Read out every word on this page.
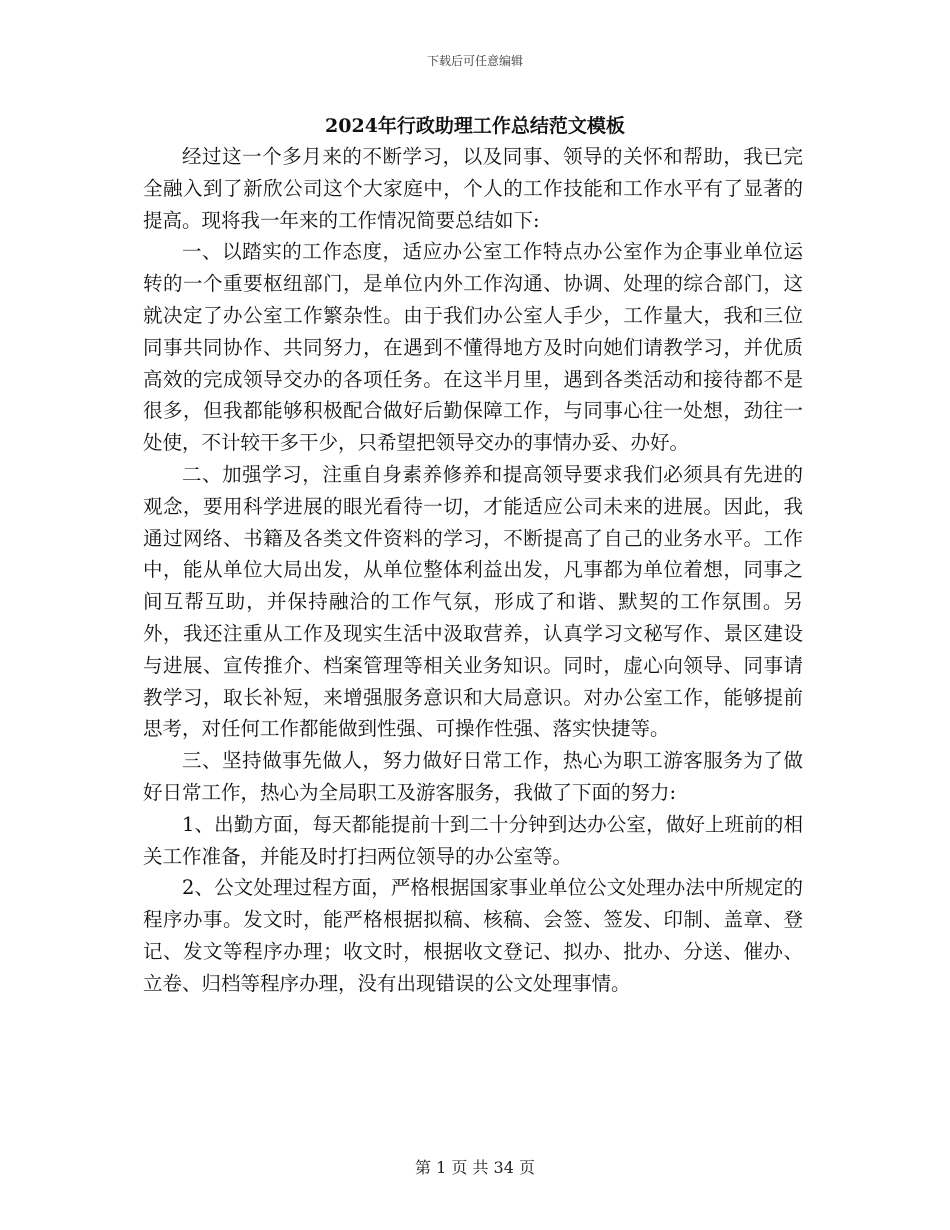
下载后可任意编辑
2024年行政助理工作总结范文模板

经过这一个多月来的不断学习，以及同事、领导的关怀和帮助，我已完全融入到了新欣公司这个大家庭中，个人的工作技能和工作水平有了显著的提高。现将我一年来的工作情况简要总结如下:

一、以踏实的工作态度，适应办公室工作特点办公室作为企事业单位运转的一个重要枢纽部门，是单位内外工作沟通、协调、处理的综合部门，这就决定了办公室工作繁杂性。由于我们办公室人手少，工作量大，我和三位同事共同协作、共同努力，在遇到不懂得地方及时向她们请教学习，并优质高效的完成领导交办的各项任务。在这半月里，遇到各类活动和接待都不是很多，但我都能够积极配合做好后勤保障工作，与同事心往一处想，劲往一处使，不计较干多干少，只希望把领导交办的事情办妥、办好。

二、加强学习，注重自身素养修养和提高领导要求我们必须具有先进的观念，要用科学进展的眼光看待一切，才能适应公司未来的进展。因此，我通过网络、书籍及各类文件资料的学习，不断提高了自己的业务水平。工作中，能从单位大局出发，从单位整体利益出发，凡事都为单位着想，同事之间互帮互助，并保持融洽的工作气氛，形成了和谐、默契的工作氛围。另外，我还注重从工作及现实生活中汲取营养，认真学习文秘写作、景区建设与进展、宣传推介、档案管理等相关业务知识。同时，虚心向领导、同事请教学习，取长补短，来增强服务意识和大局意识。对办公室工作，能够提前思考，对任何工作都能做到性强、可操作性强、落实快捷等。

三、坚持做事先做人，努力做好日常工作，热心为职工游客服务为了做好日常工作，热心为全局职工及游客服务，我做了下面的努力:

1、出勤方面，每天都能提前十到二十分钟到达办公室，做好上班前的相关工作准备，并能及时打扫两位领导的办公室等。

2、公文处理过程方面，严格根据国家事业单位公文处理办法中所规定的程序办事。发文时，能严格根据拟稿、核稿、会签、签发、印制、盖章、登记、发文等程序办理；收文时，根据收文登记、拟办、批办、分送、催办、立卷、归档等程序办理，没有出现错误的公文处理事情。

第 1 页 共 34 页
